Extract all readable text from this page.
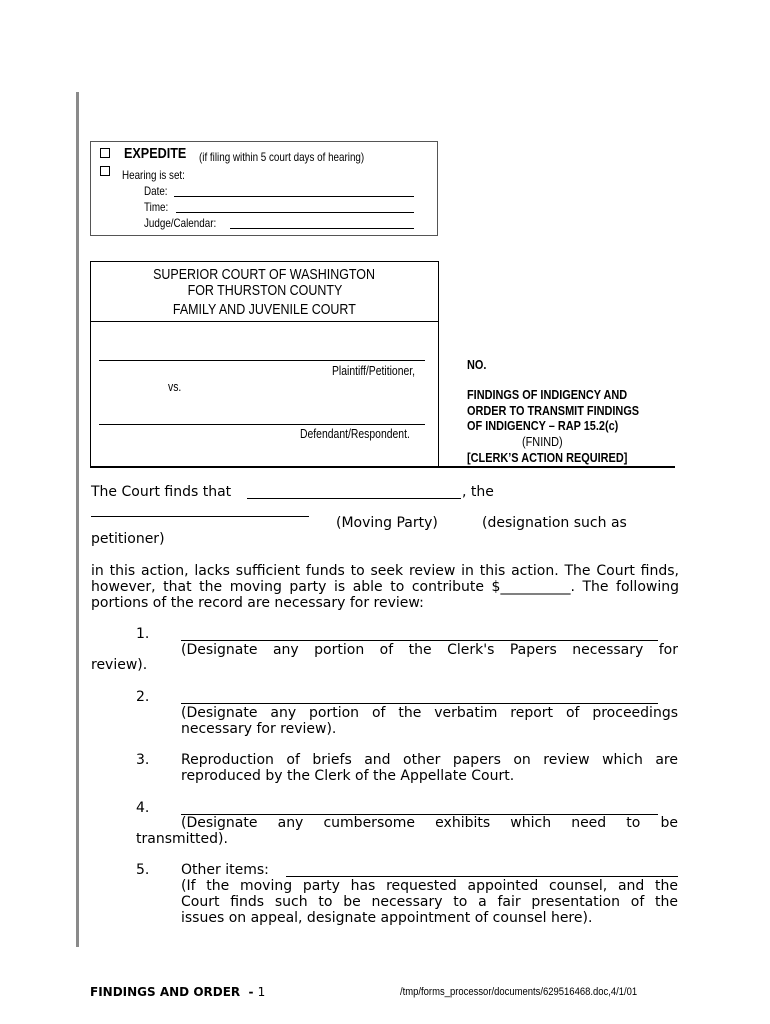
EXPEDITE	(if filing within 5 court days of hearing)
Hearing is set:
Date:
Time:
Judge/Calendar:
SUPERIOR COURT OF WASHINGTON
FOR THURSTON COUNTY
FAMILY AND JUVENILE COURT
Plaintiff/Petitioner,
vs.
Defendant/Respondent.
NO.
FINDINGS OF INDIGENCY AND
ORDER TO TRANSMIT FINDINGS
OF INDIGENCY – RAP 15.2(c)
(FNIND)
[CLERK’S ACTION REQUIRED]
The Court finds that	, the
(Moving Party)	(designation such as
petitioner)
in this action, lacks sufficient funds to seek review in this action. The Court finds, however, that the moving party is able to contribute $__________. The following portions of the record are necessary for review:
1.
(Designate any portion of the Clerk's Papers necessary for
review).
2.
(Designate any portion of the verbatim report of proceedings
necessary for review).
3. Reproduction of briefs and other papers on review which are
reproduced by the Clerk of the Appellate Court.
4.
(Designate any cumbersome exhibits which need to be
transmitted).
5. Other items:
(If the moving party has requested appointed counsel, and the
Court finds such to be necessary to a fair presentation of the
issues on appeal, designate appointment of counsel here).
FINDINGS AND ORDER  - 1	/tmp/forms_processor/documents/629516468.doc,4/1/01
